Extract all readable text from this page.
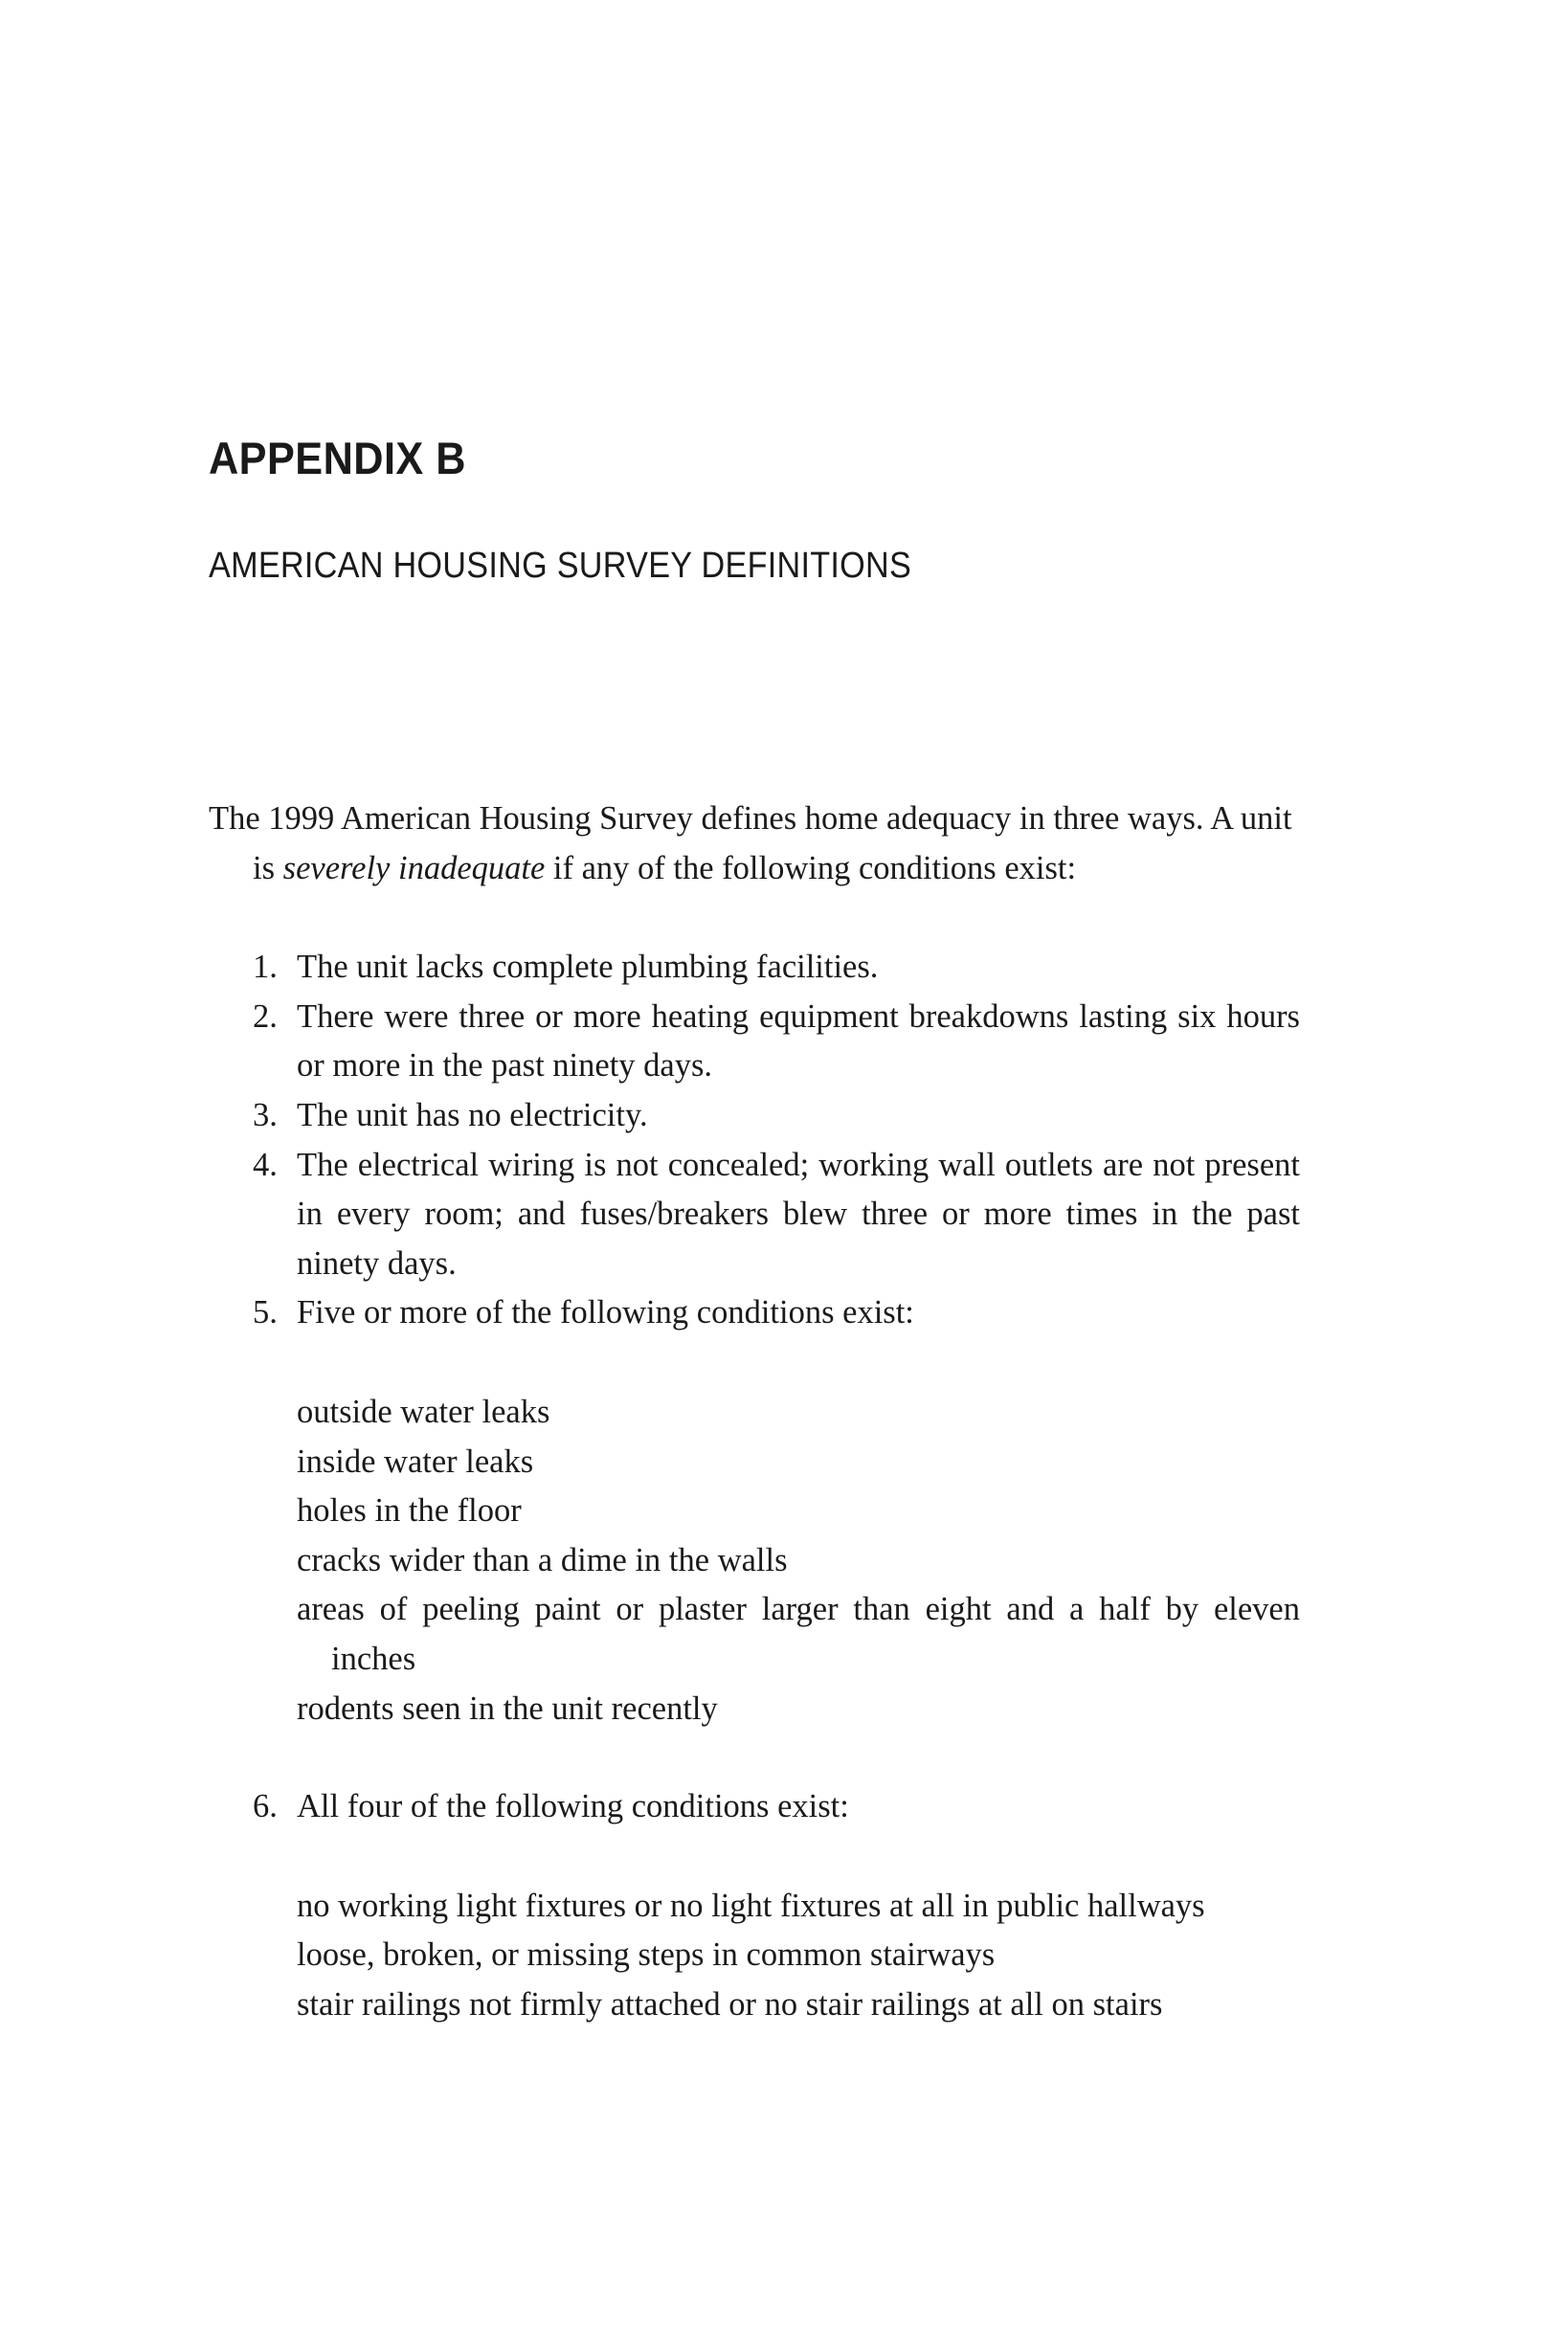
APPENDIX B
AMERICAN HOUSING SURVEY DEFINITIONS

The 1999 American Housing Survey defines home adequacy in three ways. A unit is severely inadequate if any of the following conditions exist:

1. The unit lacks complete plumbing facilities.
2. There were three or more heating equipment breakdowns lasting six hours or more in the past ninety days.
3. The unit has no electricity.
4. The electrical wiring is not concealed; working wall outlets are not present in every room; and fuses/breakers blew three or more times in the past ninety days.
5. Five or more of the following conditions exist:
outside water leaks
inside water leaks
holes in the floor
cracks wider than a dime in the walls
areas of peeling paint or plaster larger than eight and a half by eleven inches
rodents seen in the unit recently
6. All four of the following conditions exist:
no working light fixtures or no light fixtures at all in public hallways
loose, broken, or missing steps in common stairways
stair railings not firmly attached or no stair railings at all on stairs
